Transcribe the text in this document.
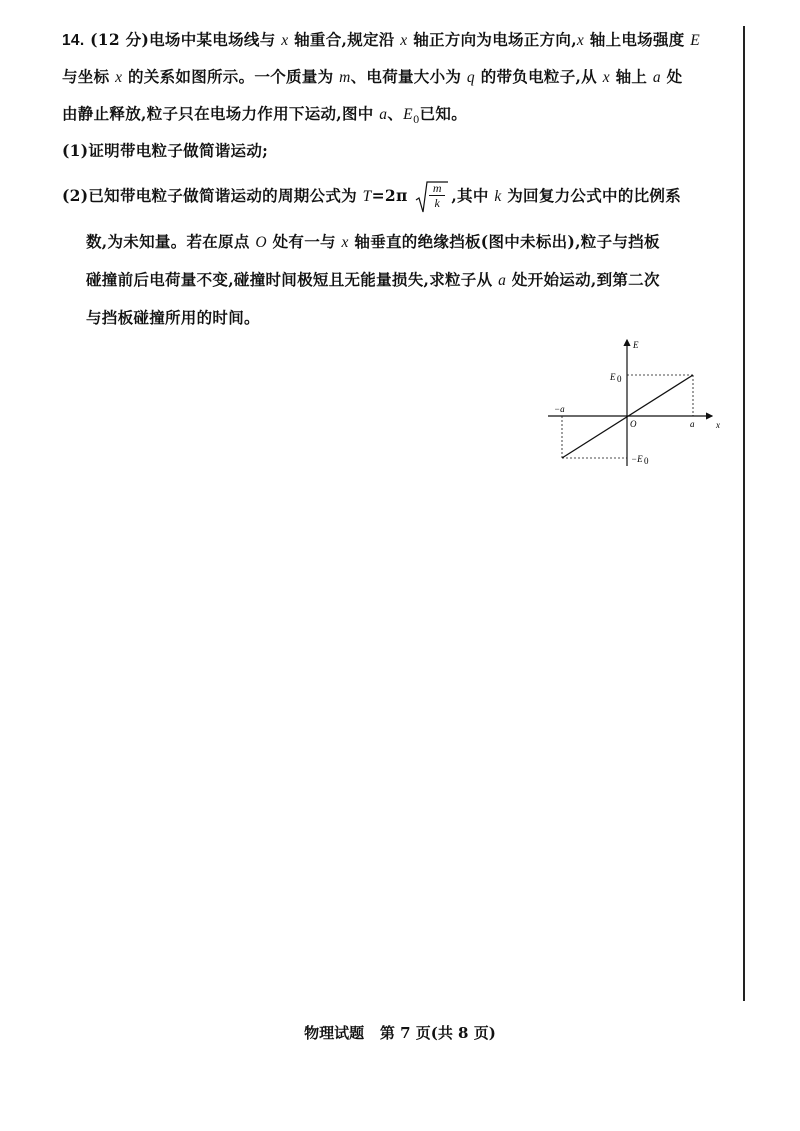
14. (12 分)电场中某电场线与 x 轴重合,规定沿 x 轴正方向为电场正方向,x 轴上电场强度 E
与坐标 x 的关系如图所示。一个质量为 m、电荷量大小为 q 的带负电粒子,从 x 轴上 a 处
由静止释放,粒子只在电场力作用下运动,图中 a、$E_0$已知。
(1)证明带电粒子做简谐运动;
(2)已知带电粒子做简谐运动的周期公式为 $T=2\pi \frac{m}{k}$ ,其中 k 为回复力公式中的比例系
数,为未知量。若在原点 O 处有一与 x 轴垂直的绝缘挡板(图中未标出),粒子与挡板
碰撞前后电荷量不变,碰撞时间极短且无能量损失,求粒子从 a 处开始运动,到第二次
与挡板碰撞所用的时间。
E
x
O
E 0
−E 0
a
−a
物理试题 第 7 页(共 8 页)
